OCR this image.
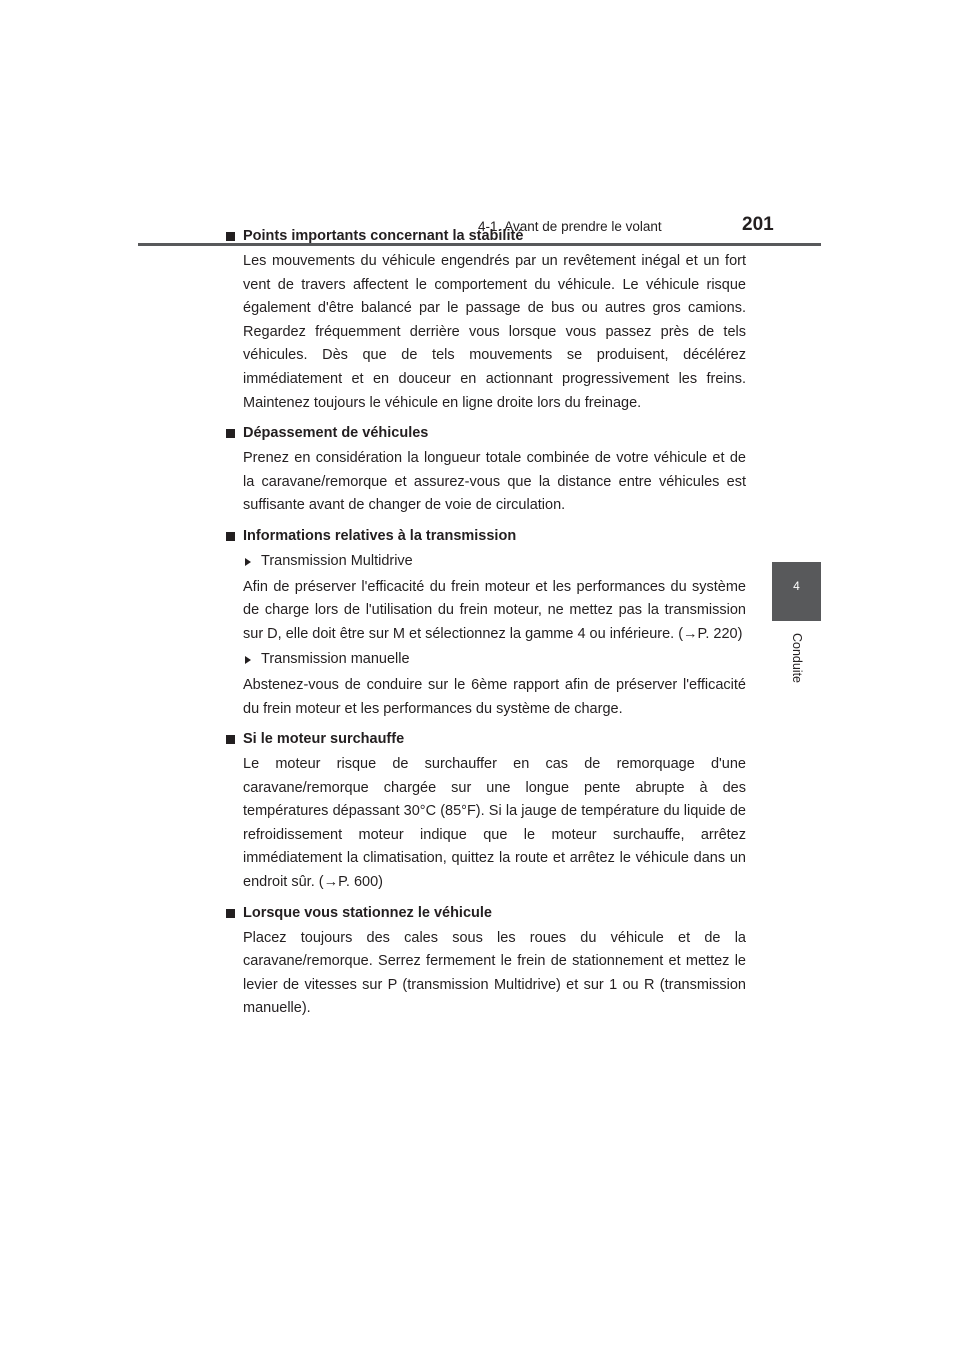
4-1. Avant de prendre le volant	201
4
Conduite
Points importants concernant la stabilité

Les mouvements du véhicule engendrés par un revêtement inégal et un fort vent de travers affectent le comportement du véhicule. Le véhicule risque également d'être balancé par le passage de bus ou autres gros camions. Regardez fréquemment derrière vous lorsque vous passez près de tels véhicules. Dès que de tels mouvements se produisent, décélérez immédiatement et en douceur en actionnant progressivement les freins. Maintenez toujours le véhicule en ligne droite lors du freinage.

Dépassement de véhicules

Prenez en considération la longueur totale combinée de votre véhicule et de la caravane/remorque et assurez-vous que la distance entre véhicules est suffisante avant de changer de voie de circulation.

Informations relatives à la transmission
Transmission Multidrive

Afin de préserver l'efficacité du frein moteur et les performances du système de charge lors de l'utilisation du frein moteur, ne mettez pas la transmission sur D, elle doit être sur M et sélectionnez la gamme 4 ou inférieure. (→P. 220)

Transmission manuelle

Abstenez-vous de conduire sur le 6ème rapport afin de préserver l'efficacité du frein moteur et les performances du système de charge.

Si le moteur surchauffe

Le moteur risque de surchauffer en cas de remorquage d'une caravane/remorque chargée sur une longue pente abrupte à des températures dépassant 30°C (85°F). Si la jauge de température du liquide de refroidissement moteur indique que le moteur surchauffe, arrêtez immédiatement la climatisation, quittez la route et arrêtez le véhicule dans un endroit sûr. (→P. 600)

Lorsque vous stationnez le véhicule

Placez toujours des cales sous les roues du véhicule et de la caravane/remorque. Serrez fermement le frein de stationnement et mettez le levier de vitesses sur P (transmission Multidrive) et sur 1 ou R (transmission manuelle).
